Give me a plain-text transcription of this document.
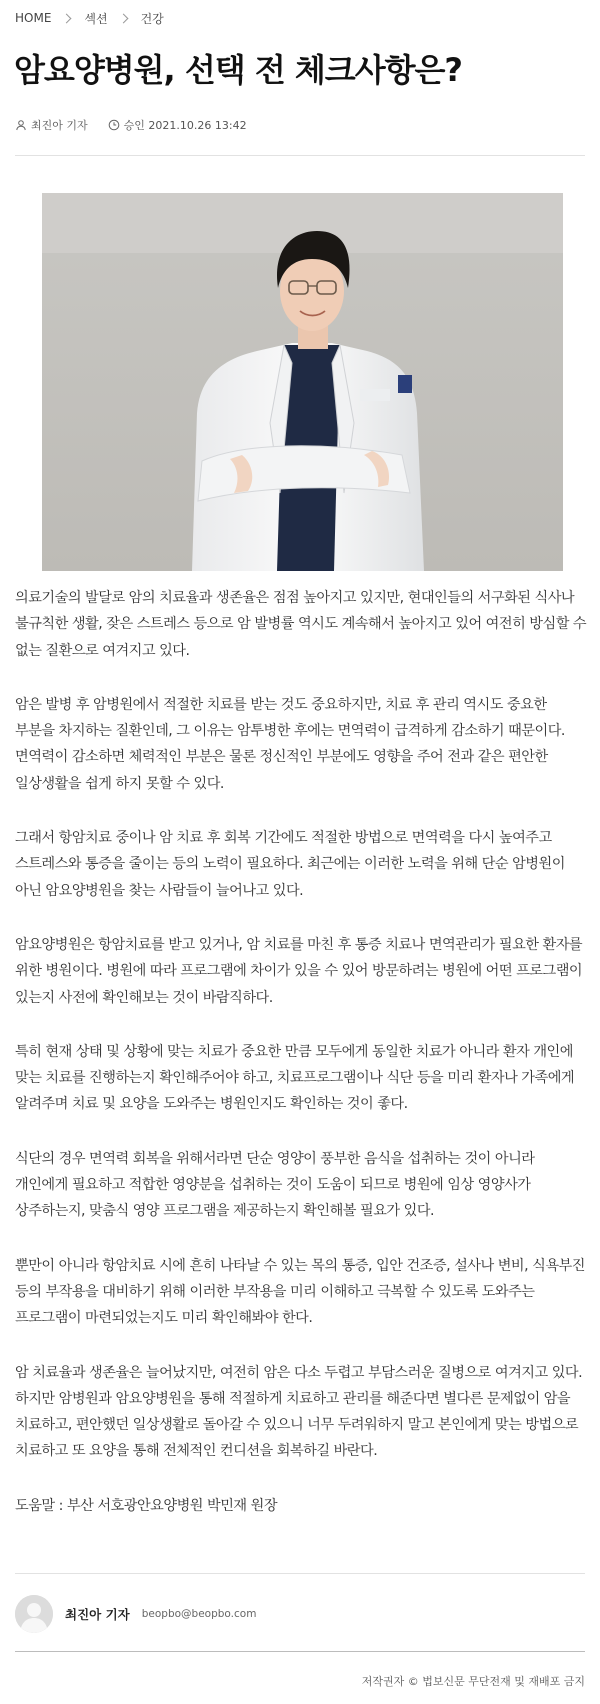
HOME	섹션	건강
암요양병원, 선택 전 체크사항은?
최진아 기자	승인 2021.10.26 13:42

의료기술의 발달로 암의 치료율과 생존율은 점점 높아지고 있지만, 현대인들의 서구화된 식사나 불규칙한 생활, 잦은 스트레스 등으로 암 발병률 역시도 계속해서 높아지고 있어 여전히 방심할 수 없는 질환으로 여겨지고 있다.

암은 발병 후 암병원에서 적절한 치료를 받는 것도 중요하지만, 치료 후 관리 역시도 중요한 부분을 차지하는 질환인데, 그 이유는 암투병한 후에는 면역력이 급격하게 감소하기 때문이다. 면역력이 감소하면 체력적인 부분은 물론 정신적인 부분에도 영향을 주어 전과 같은 편안한 일상생활을 쉽게 하지 못할 수 있다.

그래서 항암치료 중이나 암 치료 후 회복 기간에도 적절한 방법으로 면역력을 다시 높여주고 스트레스와 통증을 줄이는 등의 노력이 필요하다. 최근에는 이러한 노력을 위해 단순 암병원이 아닌 암요양병원을 찾는 사람들이 늘어나고 있다.

암요양병원은 항암치료를 받고 있거나, 암 치료를 마친 후 통증 치료나 면역관리가 필요한 환자를 위한 병원이다. 병원에 따라 프로그램에 차이가 있을 수 있어 방문하려는 병원에 어떤 프로그램이 있는지 사전에 확인해보는 것이 바람직하다.

특히 현재 상태 및 상황에 맞는 치료가 중요한 만큼 모두에게 동일한 치료가 아니라 환자 개인에 맞는 치료를 진행하는지 확인해주어야 하고, 치료프로그램이나 식단 등을 미리 환자나 가족에게 알려주며 치료 및 요양을 도와주는 병원인지도 확인하는 것이 좋다.

식단의 경우 면역력 회복을 위해서라면 단순 영양이 풍부한 음식을 섭취하는 것이 아니라 개인에게 필요하고 적합한 영양분을 섭취하는 것이 도움이 되므로 병원에 임상 영양사가 상주하는지, 맞춤식 영양 프로그램을 제공하는지 확인해볼 필요가 있다.

뿐만이 아니라 항암치료 시에 흔히 나타날 수 있는 목의 통증, 입안 건조증, 설사나 변비, 식욕부진 등의 부작용을 대비하기 위해 이러한 부작용을 미리 이해하고 극복할 수 있도록 도와주는 프로그램이 마련되었는지도 미리 확인해봐야 한다.

암 치료율과 생존율은 늘어났지만, 여전히 암은 다소 두렵고 부담스러운 질병으로 여겨지고 있다. 하지만 암병원과 암요양병원을 통해 적절하게 치료하고 관리를 해준다면 별다른 문제없이 암을 치료하고, 편안했던 일상생활로 돌아갈 수 있으니 너무 두려워하지 말고 본인에게 맞는 방법으로 치료하고 또 요양을 통해 전체적인 컨디션을 회복하길 바란다.

도움말 : 부산 서호광안요양병원 박민재 원장

최진아 기자 beopbo@beopbo.com
저작권자 © 법보신문 무단전재 및 재배포 금지
